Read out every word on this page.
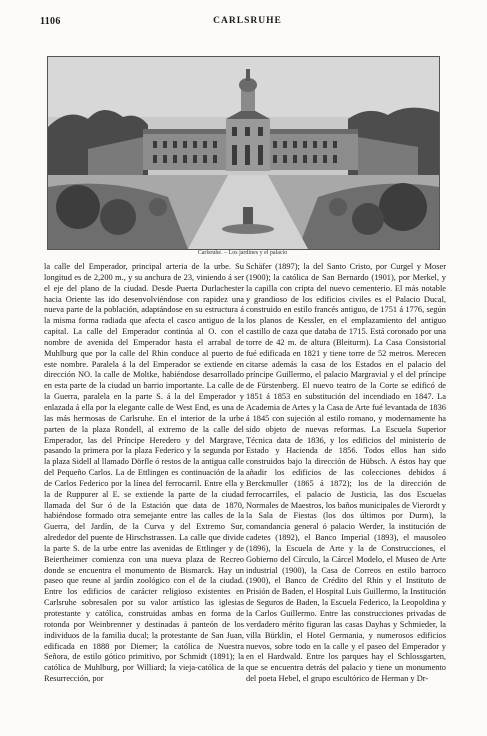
1106	CARLSRUHE
Carlsruhe. – Los jardines y el palacio

la calle del Emperador, principal arteria de la urbe. Su longitud es de 2,200 m., y su anchura de 23, viniendo á ser el eje del plano de la ciudad. Desde Puerta Durlachester hacia Oriente las ido desenvolviéndose con rapidez una nueva parte de la población, adaptándose en su estructura á la misma forma radiada que afecta el casco antiguo de la capital. La calle del Emperador continúa al O. con el nombre de avenida del Emperador hasta el arrabal de Muhlburg que por la calle del Rhin conduce al puerto de este nombre. Paralela á la del Emperador se extiende en dirección NO. la calle de Moltke, habiéndose desarrollado en esta parte de la ciudad un barrio importante. La calle de la Guerra, paralela en la parte S. á la del Emperador y enlazada á ella por la elegante calle de West End, es una de las más hermosas de Carlsruhe. En el interior de la urbe parten de la plaza Rondell, al extremo de la calle del Emperador, las del Príncipe Heredero y del Margrave, pasando la primera por la plaza Federico y la segunda por la plaza Sidell al llamado Dörfle ó restos de la antigua calle del Pequeño Carlos. La de Ettlingen es continuación de la de Carlos Federico por la línea del ferrocarril. Entre ella y la de Ruppurer al E. se extiende la parte de la ciudad llamada del Sur ó de la Estación que data de 1870, habiéndose formado otra semejante entre las calles de la Guerra, del Jardín, de la Curva y del Extremo Sur, alrededor del puente de Hirschstrassen. La calle que divide la parte S. de la urbe entre las avenidas de Ettlinger y de Beiertheimer comienza con una nueva plaza de Recreo donde se encuentra el monumento de Bismarck. Hay un paseo que reune al jardín zoológico con el de la ciudad. Entre los edificios de carácter religioso existentes en Carlsruhe sobresalen por su valor artístico las iglesias protestante y católica, construidas ambas en forma de rotonda por Weinbrenner y destinadas á panteón de los individuos de la familia ducal; la protestante de San Juan, edificada en 1888 por Diemer; la católica de Nuestra Señora, de estilo gótico primitivo, por Schmidt (1891); la católica de Muhlburg, por Williard; la vieja-católica de la Resurrección, por

Schäfer (1897); la del Santo Cristo, por Curgel y Moser (1900); la católica de San Bernardo (1901), por Merkel, y la capilla con cripta del nuevo cementerio. El más notable y grandioso de los edificios civiles es el Palacio Ducal, construido en estilo francés antiguo, de 1751 á 1776, según los planos de Kessler, en el emplazamiento del antiguo castillo de caza que databa de 1715. Está coronado por una torre de 42 m. de altura (Bleiturm). La Casa Consistorial fué edificada en 1821 y tiene torre de 52 metros. Merecen citarse además la casa de los Estados en el palacio del príncipe Guillermo, el palacio Margravial y el del príncipe de Fürstenberg. El nuevo teatro de la Corte se edificó de 1851 á 1853 en substitución del incendiado en 1847. La Academia de Artes y la Casa de Arte fué levantada de 1836 á 1845 con sujeción al estilo romano, y modernamente ha sido objeto de nuevas reformas. La Escuela Superior Técnica data de 1836, y los edificios del ministerio de Estado y Hacienda de 1856. Todos ellos han sido construidos bajo la dirección de Hübsch. A éstos hay que añadir los edificios de las colecciones debidos á Berckmuller (1865 á 1872); los de la dirección de ferrocarriles, el palacio de Justicia, las dos Escuelas Normales de Maestros, los baños municipales de Vierordt y la Sala de Fiestas (los dos últimos por Durm), la comandancia general ó palacio Werder, la institución de cadetes (1892), el Banco Imperial (1893), el mausoleo (1896), la Escuela de Arte y la de Construcciones, el Gobierno del Círculo, la Cárcel Modelo, el Museo de Arte industrial (1900), la Casa de Correos en estilo barroco (1900), el Banco de Crédito del Rhin y el Instituto de Prisión de Baden, el Hospital Luis Guillermo, la Institución de Seguros de Baden, la Escuela Federico, la Leopoldina y la Carlos Guillermo. Entre las construcciones privadas de verdadero mérito figuran las casas Dayhas y Schmieder, la villa Bürklin, el Hotel Germania, y numerosos edificios nuevos, sobre todo en la calle y el paseo del Emperador y en el Hardwald. Entre los parques hay el Schlossgarten, que se encuentra detrás del palacio y tiene un monumento del poeta Hebel, el grupo escultórico de Herman y Dr-
